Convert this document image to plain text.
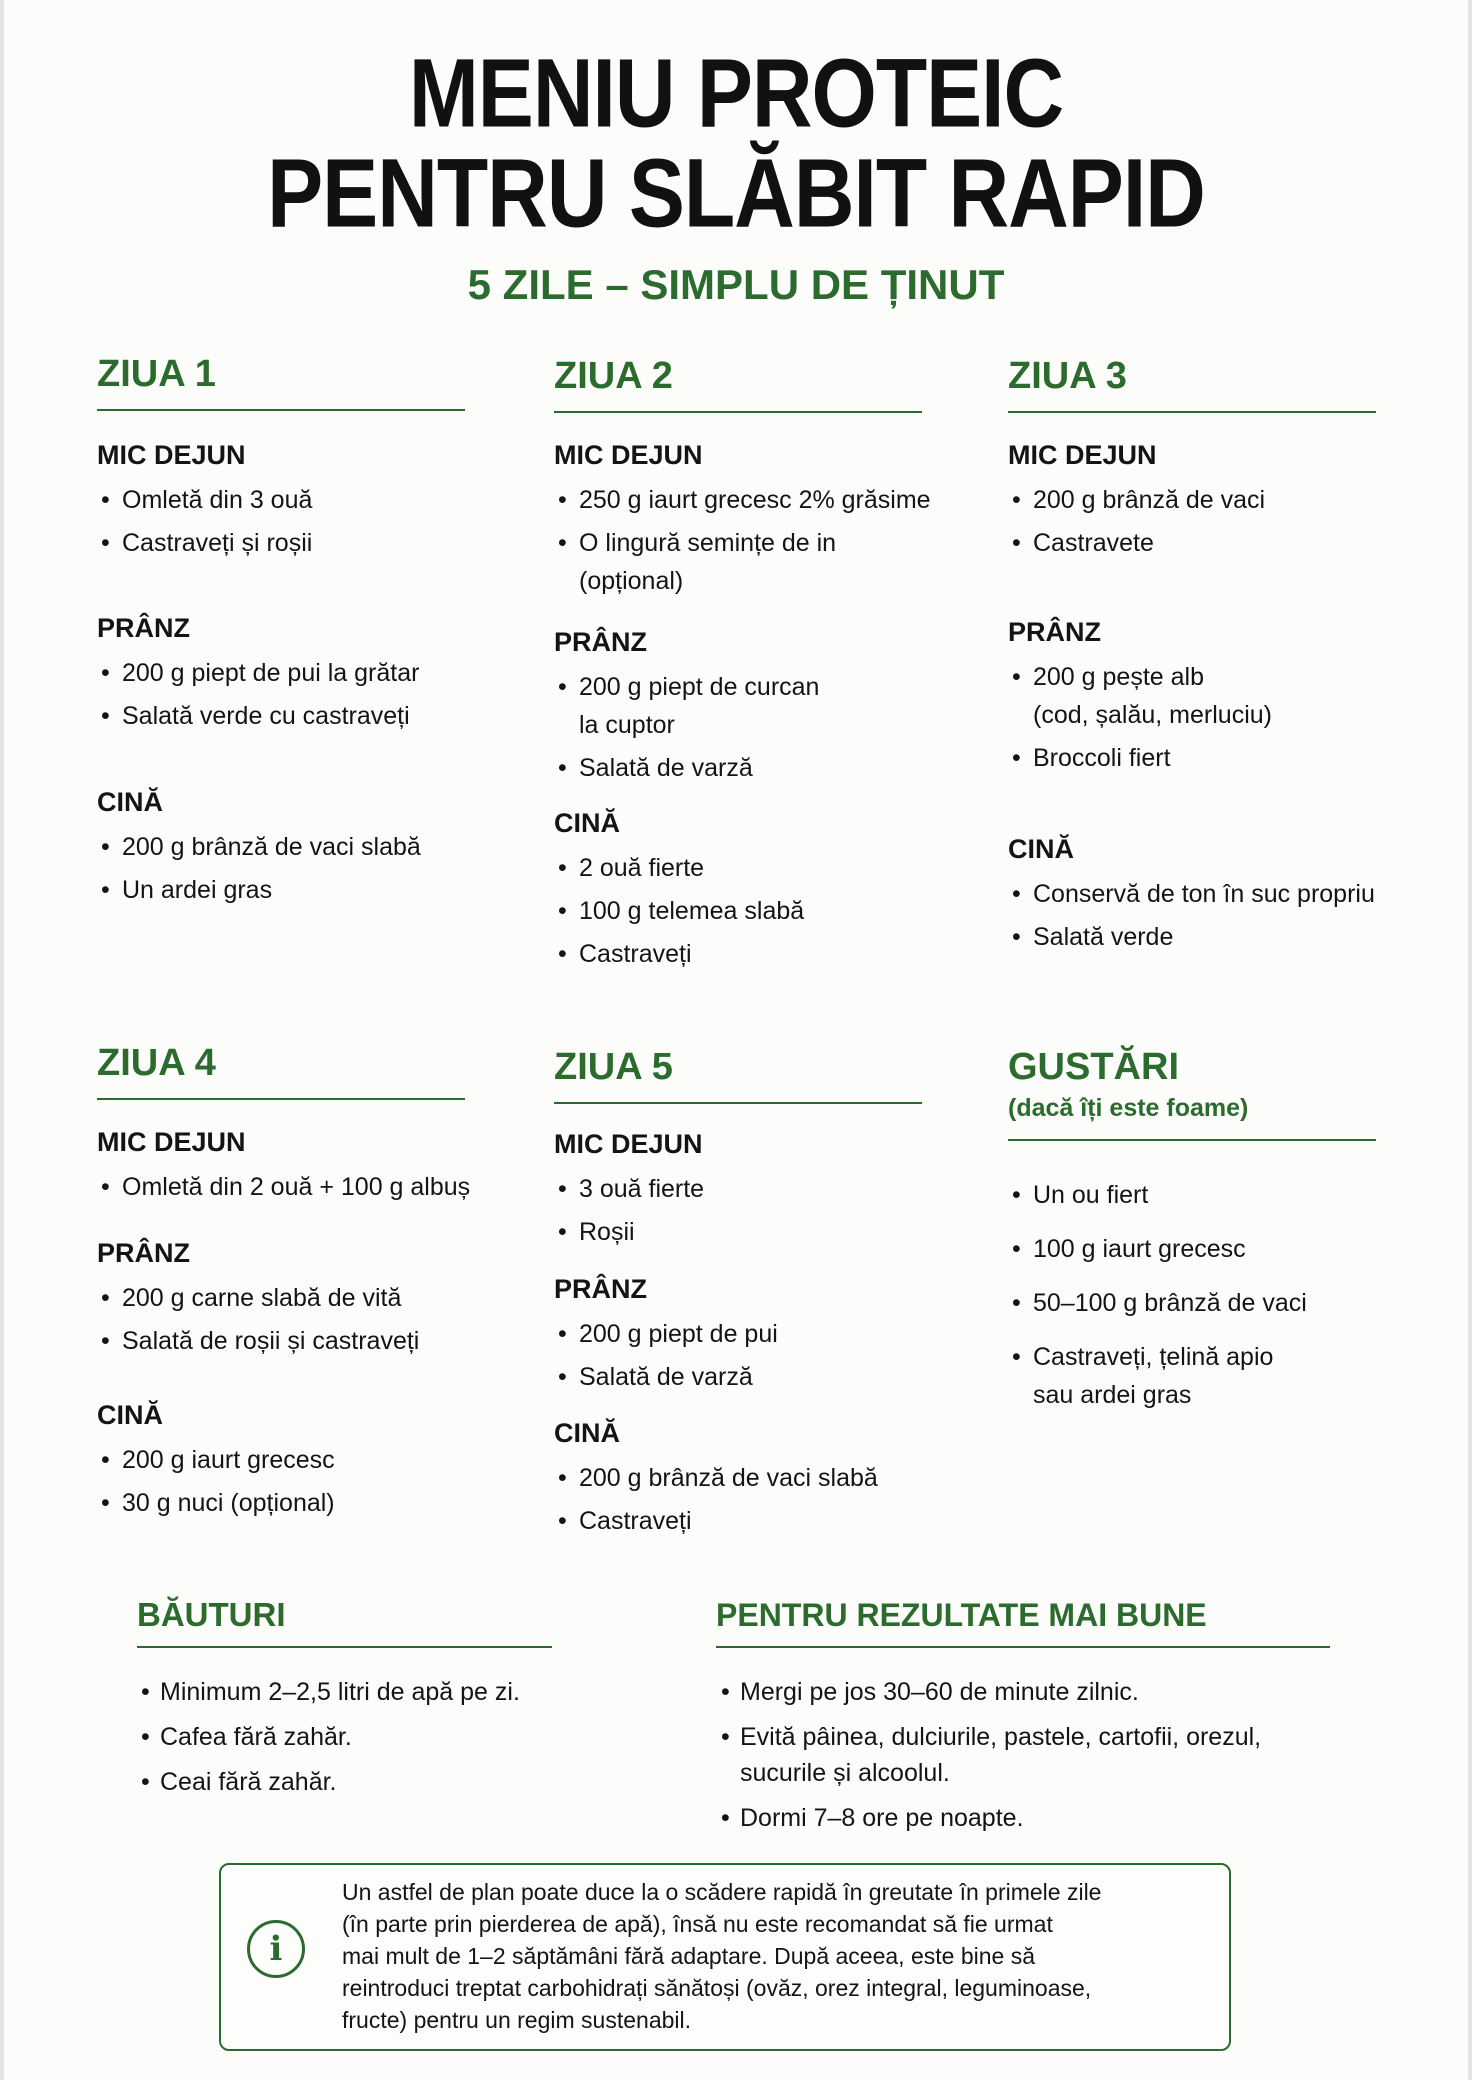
MENIU PROTEIC
PENTRU SLĂBIT RAPID
5 ZILE – SIMPLU DE ȚINUT
ZIUA 1
MIC DEJUN
• Omletă din 3 ouă
• Castraveți și roșii
PRÂNZ
• 200 g piept de pui la grătar
• Salată verde cu castraveți
CINĂ
• 200 g brânză de vaci slabă
• Un ardei gras
ZIUA 2
MIC DEJUN
• 250 g iaurt grecesc 2% grăsime
• O lingură semințe de in
(opțional)
PRÂNZ
• 200 g piept de curcan
la cuptor
• Salată de varză
CINĂ
• 2 ouă fierte
• 100 g telemea slabă
• Castraveți
ZIUA 3
MIC DEJUN
• 200 g brânză de vaci
• Castravete
PRÂNZ
• 200 g pește alb
(cod, șalău, merluciu)
• Broccoli fiert
CINĂ
• Conservă de ton în suc propriu
• Salată verde
ZIUA 4
MIC DEJUN
• Omletă din 2 ouă + 100 g albuș
PRÂNZ
• 200 g carne slabă de vită
• Salată de roșii și castraveți
CINĂ
• 200 g iaurt grecesc
• 30 g nuci (opțional)
ZIUA 5
MIC DEJUN
• 3 ouă fierte
• Roșii
PRÂNZ
• 200 g piept de pui
• Salată de varză
CINĂ
• 200 g brânză de vaci slabă
• Castraveți
GUSTĂRI
(dacă îți este foame)
• Un ou fiert
• 100 g iaurt grecesc
• 50–100 g brânză de vaci
• Castraveți, țelină apio
sau ardei gras
BĂUTURI
• Minimum 2–2,5 litri de apă pe zi.
• Cafea fără zahăr.
• Ceai fără zahăr.
PENTRU REZULTATE MAI BUNE
• Mergi pe jos 30–60 de minute zilnic.
• Evită pâinea, dulciurile, pastele, cartofii, orezul,
sucurile și alcoolul.
• Dormi 7–8 ore pe noapte.
i
Un astfel de plan poate duce la o scădere rapidă în greutate în primele zile
(în parte prin pierderea de apă), însă nu este recomandat să fie urmat
mai mult de 1–2 săptămâni fără adaptare. După aceea, este bine să
reintroduci treptat carbohidrați sănătoși (ovăz, orez integral, leguminoase,
fructe) pentru un regim sustenabil.
